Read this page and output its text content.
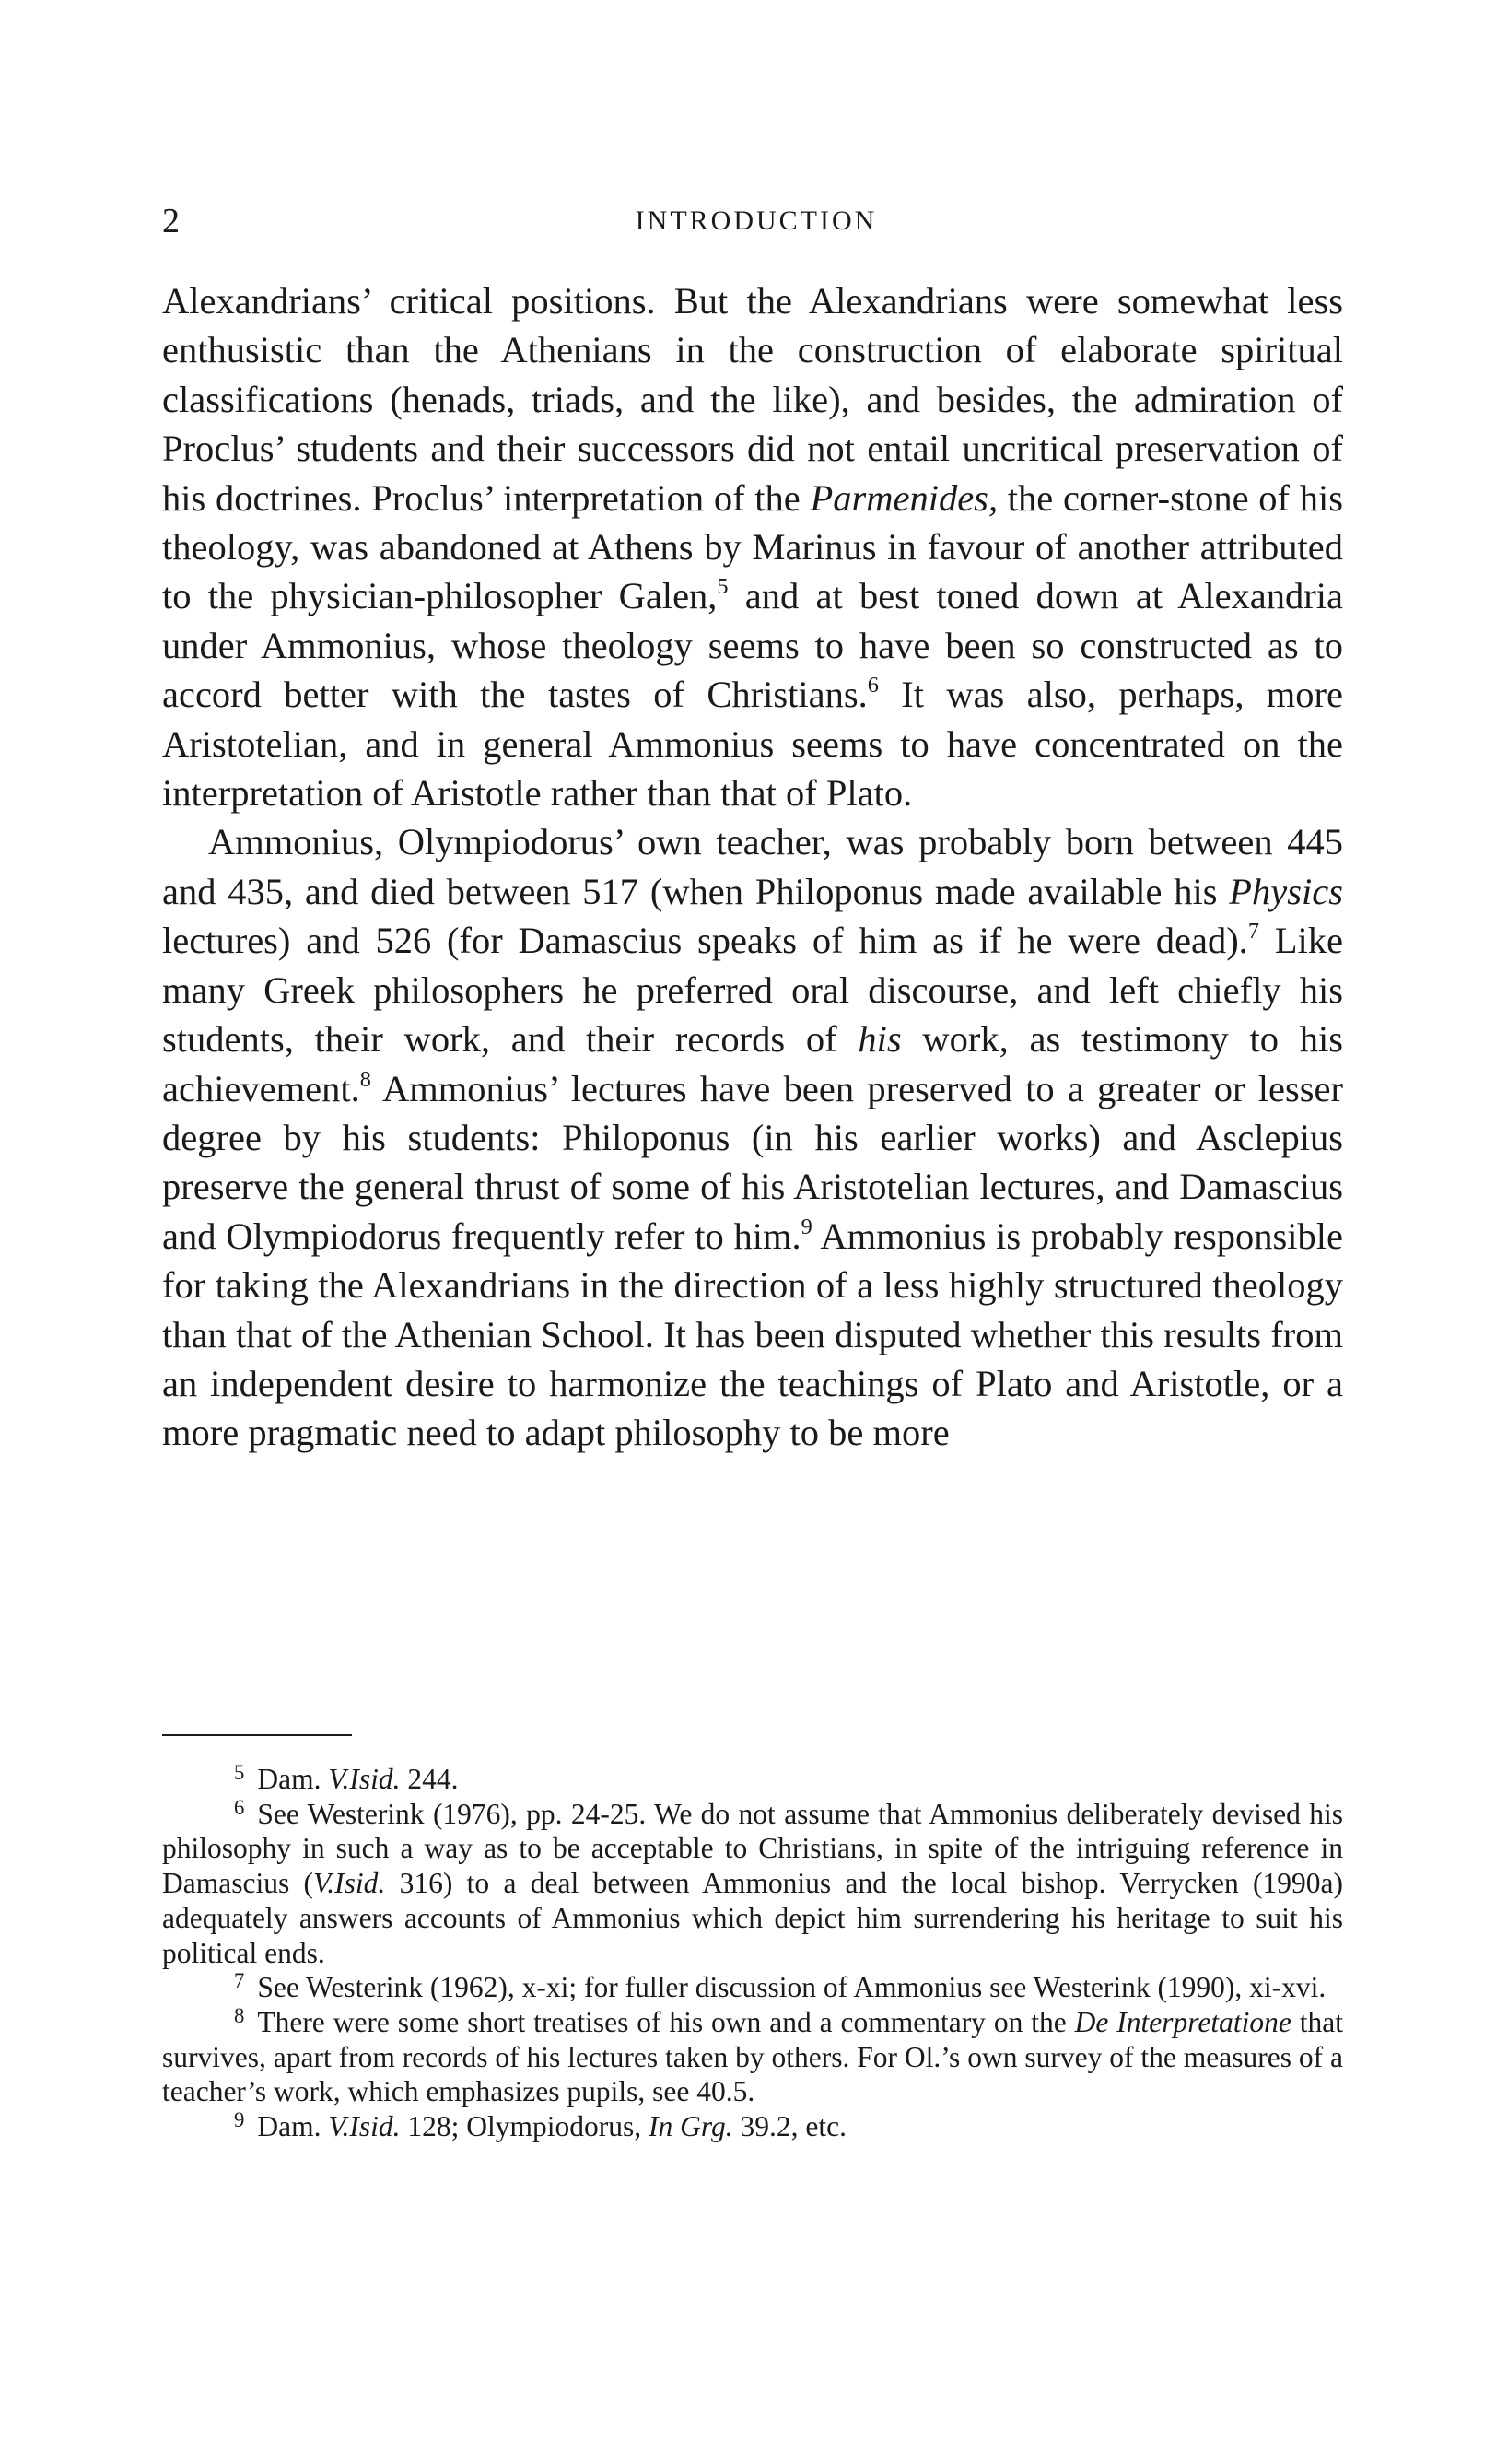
2	INTRODUCTION

Alexandrians’ critical positions. But the Alexandrians were somewhat less enthusistic than the Athenians in the construction of elaborate spiritual classifications (henads, triads, and the like), and besides, the admiration of Proclus’ students and their successors did not entail uncritical preservation of his doctrines. Proclus’ interpretation of the Parmenides, the corner-stone of his theology, was abandoned at Athens by Marinus in favour of another attributed to the physician-philosopher Galen,$^5$ and at best toned down at Alexandria under Ammonius, whose theology seems to have been so constructed as to accord better with the tastes of Christians.$^6$ It was also, perhaps, more Aristotelian, and in general Ammonius seems to have concentrated on the interpretation of Aristotle rather than that of Plato.

Ammonius, Olympiodorus’ own teacher, was probably born between 445 and 435, and died between 517 (when Philoponus made available his Physics lectures) and 526 (for Damascius speaks of him as if he were dead).$^7$ Like many Greek philosophers he preferred oral discourse, and left chiefly his students, their work, and their records of his work, as testimony to his achievement.$^8$ Ammonius’ lectures have been preserved to a greater or lesser degree by his students: Philoponus (in his earlier works) and Asclepius preserve the general thrust of some of his Aristotelian lectures, and Damascius and Olympiodorus frequently refer to him.$^9$ Ammonius is probably responsible for taking the Alexandrians in the direction of a less highly structured theology than that of the Athenian School. It has been disputed whether this results from an independent desire to harmonize the teachings of Plato and Aristotle, or a more pragmatic need to adapt philosophy to be more

$^5$ Dam. V.Isid. 244.

$^6$ See Westerink (1976), pp. 24-25. We do not assume that Ammonius deliberately devised his philosophy in such a way as to be acceptable to Christians, in spite of the intriguing reference in Damascius (V.Isid. 316) to a deal between Ammonius and the local bishop. Verrycken (1990a) adequately answers accounts of Ammonius which depict him surrendering his heritage to suit his political ends.

$^7$ See Westerink (1962), x-xi; for fuller discussion of Ammonius see Westerink (1990), xi-xvi.

$^8$ There were some short treatises of his own and a commentary on the De Interpretatione that survives, apart from records of his lectures taken by others. For Ol.’s own survey of the measures of a teacher’s work, which emphasizes pupils, see 40.5.

$^9$ Dam. V.Isid. 128; Olympiodorus, In Grg. 39.2, etc.
